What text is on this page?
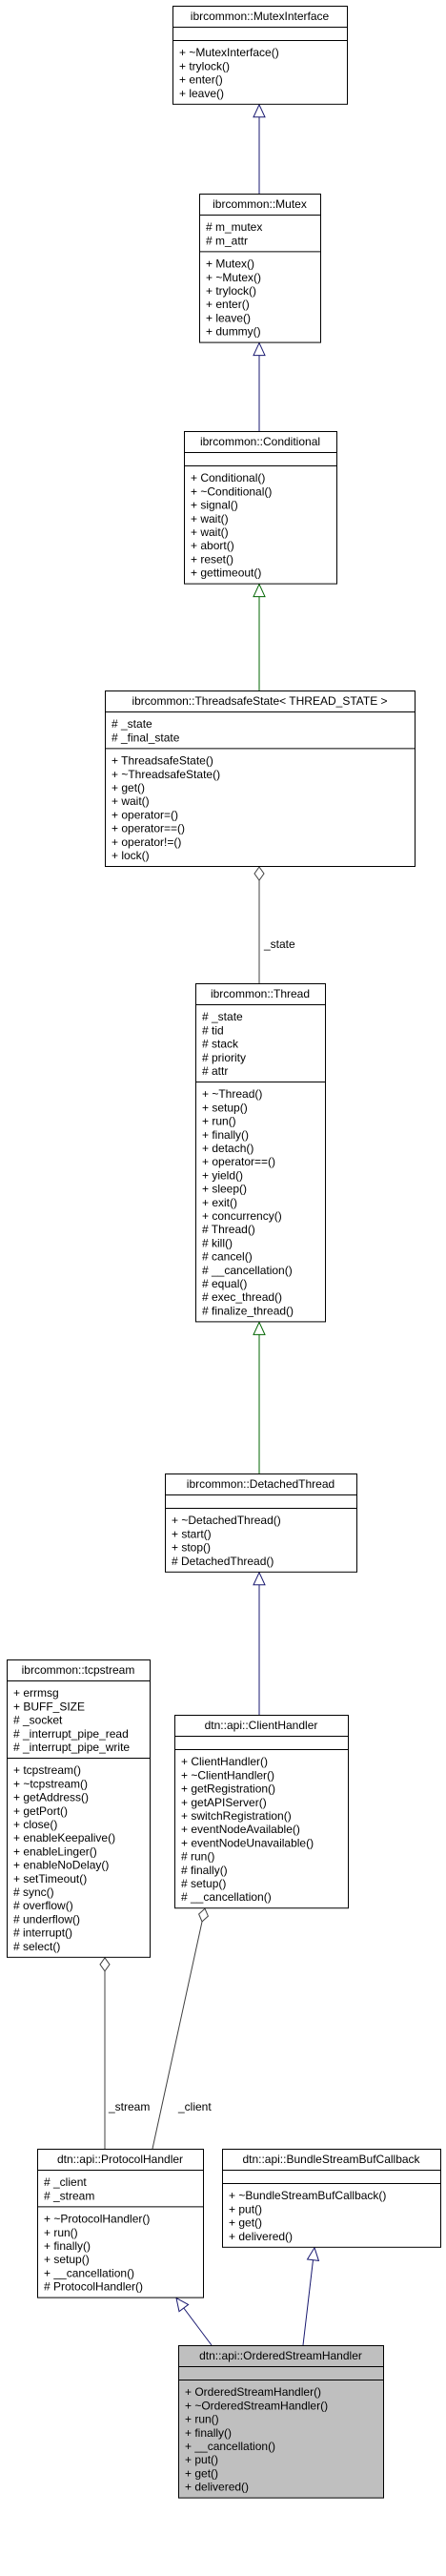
_state
_stream _client
ibrcommon::MutexInterface
+ ~MutexInterface()
+ trylock()
+ enter()
+ leave()
ibrcommon::Mutex
# m_mutex
# m_attr
+ Mutex()
+ ~Mutex()
+ trylock()
+ enter()
+ leave()
+ dummy()
ibrcommon::Conditional
+ Conditional()
+ ~Conditional()
+ signal()
+ wait()
+ wait()
+ abort()
+ reset()
+ gettimeout()
ibrcommon::ThreadsafeState< THREAD_STATE >
# _state
# _final_state
+ ThreadsafeState()
+ ~ThreadsafeState()
+ get()
+ wait()
+ operator=()
+ operator==()
+ operator!=()
+ lock()
ibrcommon::Thread
# _state
# tid
# stack
# priority
# attr
+ ~Thread()
+ setup()
+ run()
+ finally()
+ detach()
+ operator==()
+ yield()
+ sleep()
+ exit()
+ concurrency()
# Thread()
# kill()
# cancel()
# __cancellation()
# equal()
# exec_thread()
# finalize_thread()
ibrcommon::DetachedThread
+ ~DetachedThread()
+ start()
+ stop()
# DetachedThread()
ibrcommon::tcpstream
+ errmsg
+ BUFF_SIZE
# _socket
# _interrupt_pipe_read
# _interrupt_pipe_write
+ tcpstream()
+ ~tcpstream()
+ getAddress()
+ getPort()
+ close()
+ enableKeepalive()
+ enableLinger()
+ enableNoDelay()
+ setTimeout()
# sync()
# overflow()
# underflow()
# interrupt()
# select()
dtn::api::ClientHandler
+ ClientHandler()
+ ~ClientHandler()
+ getRegistration()
+ getAPIServer()
+ switchRegistration()
+ eventNodeAvailable()
+ eventNodeUnavailable()
# run()
# finally()
# setup()
# __cancellation()
dtn::api::ProtocolHandler
# _client
# _stream
+ ~ProtocolHandler()
+ run()
+ finally()
+ setup()
+ __cancellation()
# ProtocolHandler()
dtn::api::BundleStreamBufCallback
+ ~BundleStreamBufCallback()
+ put()
+ get()
+ delivered()
dtn::api::OrderedStreamHandler
+ OrderedStreamHandler()
+ ~OrderedStreamHandler()
+ run()
+ finally()
+ __cancellation()
+ put()
+ get()
+ delivered()
